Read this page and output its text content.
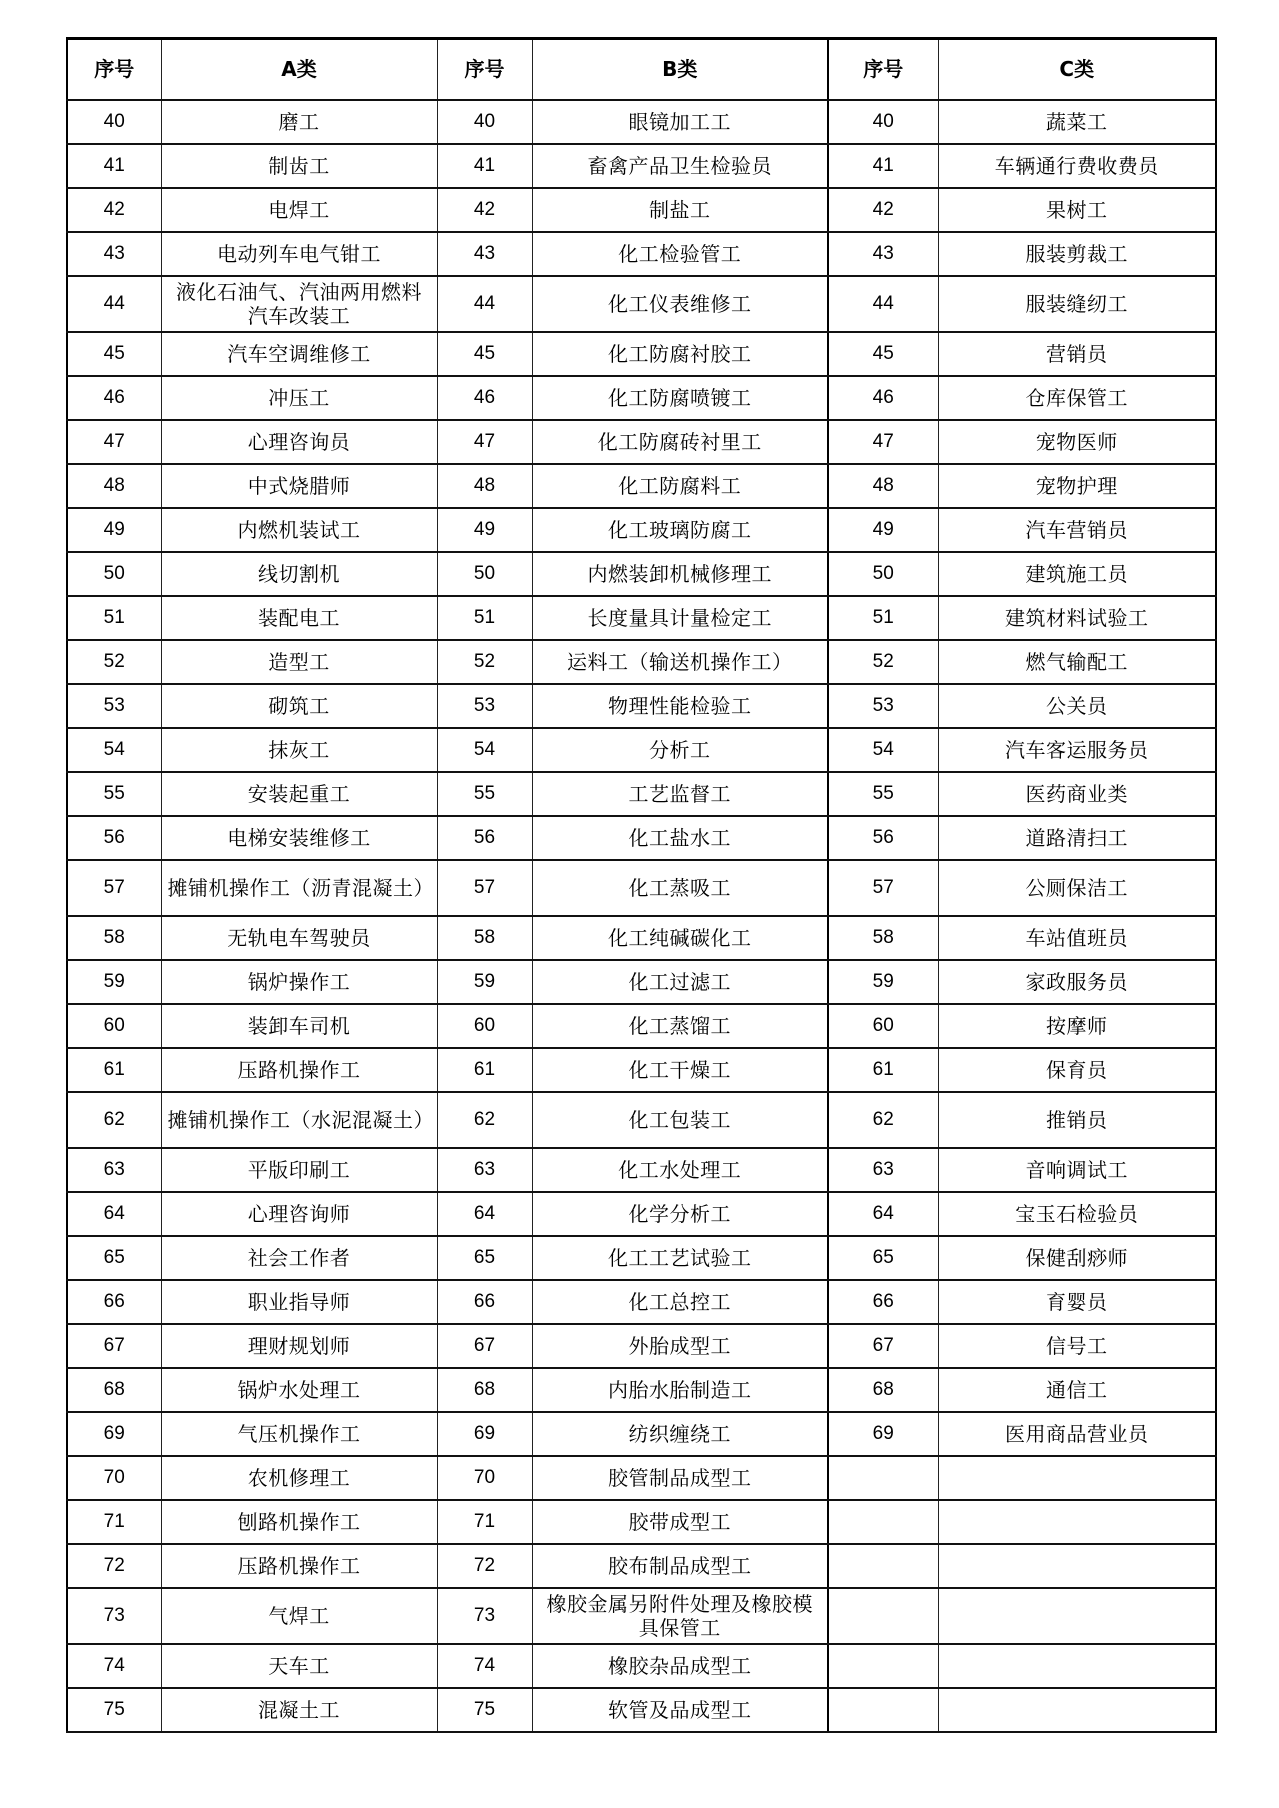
序号	A类	序号	B类	序号	C类
40	磨工	40	眼镜加工工	40	蔬菜工
41	制齿工	41	畜禽产品卫生检验员	41	车辆通行费收费员
42	电焊工	42	制盐工	42	果树工
43	电动列车电气钳工	43	化工检验管工	43	服装剪裁工
44	液化石油气、汽油两用燃料汽车改装工	44	化工仪表维修工	44	服装缝纫工
45	汽车空调维修工	45	化工防腐衬胶工	45	营销员
46	冲压工	46	化工防腐喷镀工	46	仓库保管工
47	心理咨询员	47	化工防腐砖衬里工	47	宠物医师
48	中式烧腊师	48	化工防腐料工	48	宠物护理
49	内燃机装试工	49	化工玻璃防腐工	49	汽车营销员
50	线切割机	50	内燃装卸机械修理工	50	建筑施工员
51	装配电工	51	长度量具计量检定工	51	建筑材料试验工
52	造型工	52	运料工（输送机操作工）	52	燃气输配工
53	砌筑工	53	物理性能检验工	53	公关员
54	抹灰工	54	分析工	54	汽车客运服务员
55	安装起重工	55	工艺监督工	55	医药商业类
56	电梯安装维修工	56	化工盐水工	56	道路清扫工
57	摊铺机操作工（沥青混凝土）	57	化工蒸吸工	57	公厕保洁工
58	无轨电车驾驶员	58	化工纯碱碳化工	58	车站值班员
59	锅炉操作工	59	化工过滤工	59	家政服务员
60	装卸车司机	60	化工蒸馏工	60	按摩师
61	压路机操作工	61	化工干燥工	61	保育员
62	摊铺机操作工（水泥混凝土）	62	化工包装工	62	推销员
63	平版印刷工	63	化工水处理工	63	音响调试工
64	心理咨询师	64	化学分析工	64	宝玉石检验员
65	社会工作者	65	化工工艺试验工	65	保健刮痧师
66	职业指导师	66	化工总控工	66	育婴员
67	理财规划师	67	外胎成型工	67	信号工
68	锅炉水处理工	68	内胎水胎制造工	68	通信工
69	气压机操作工	69	纺织缠绕工	69	医用商品营业员
70	农机修理工	70	胶管制品成型工		
71	刨路机操作工	71	胶带成型工		
72	压路机操作工	72	胶布制品成型工		
73	气焊工	73	橡胶金属另附件处理及橡胶模具保管工		
74	天车工	74	橡胶杂品成型工		
75	混凝土工	75	软管及品成型工		
